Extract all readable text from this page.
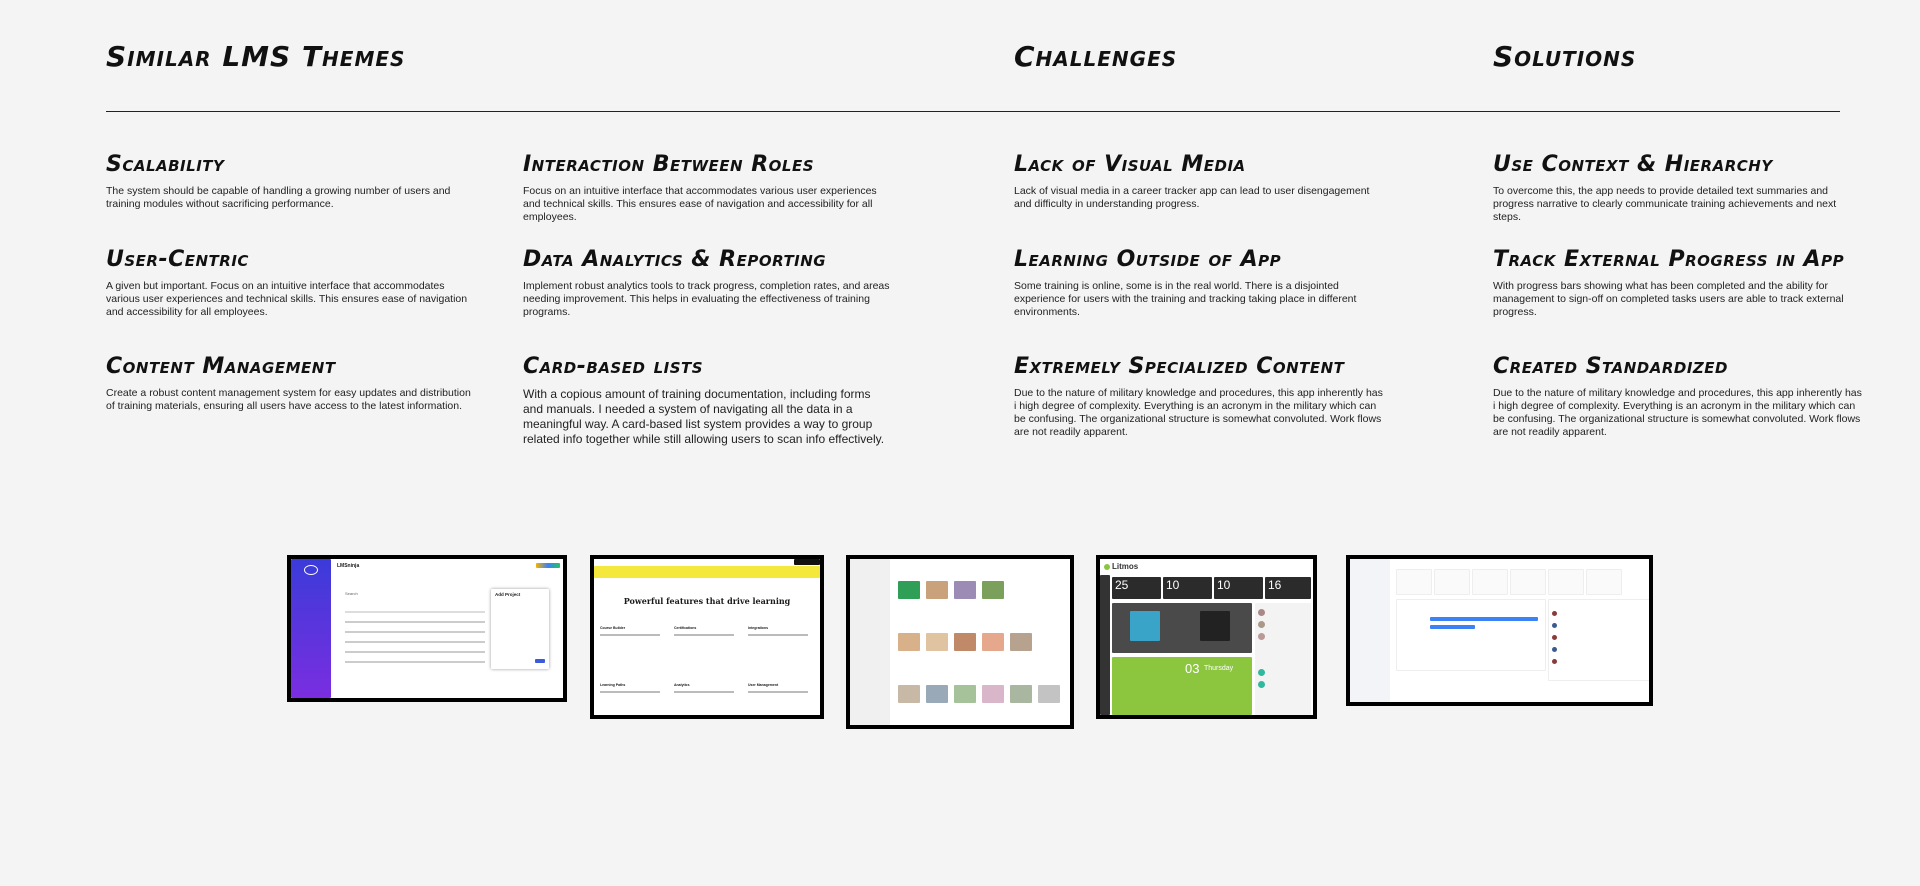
Similar LMS Themes	Challenges	Solutions
Scalability

The system should be capable of handling a growing number of users and training modules without sacrificing performance.

User-Centric

A given but important. Focus on an intuitive interface that accommodates various user experiences and technical skills. This ensures ease of navigation and accessibility for all employees.

Content Management

Create a robust content management system for easy updates and distribution of training materials, ensuring all users have access to the latest information.

Interaction Between Roles

Focus on an intuitive interface that accommodates various user experiences and technical skills. This ensures ease of navigation and accessibility for all employees.

Data Analytics & Reporting

Implement robust analytics tools to track progress, completion rates, and areas needing improvement. This helps in evaluating the effectiveness of training programs.

Card-based lists

With a copious amount of training documentation, including forms and manuals. I needed a system of navigating all the data in a meaningful way. A card-based list system provides a way to group related info together while still allowing users to scan info effectively.

Lack of Visual Media

Lack of visual media in a career tracker app can lead to user disengagement and difficulty in understanding progress.

Learning Outside of App

Some training is online, some is in the real world. There is a disjointed experience for users with the training and tracking taking place in different environments.

Extremely Specialized Content

Due to the nature of military knowledge and procedures, this app inherently has i high degree of complexity. Everything is an acronym in the military which can be confusing. The organizational structure is somewhat convoluted. Work flows are not readily apparent.

Use Context & Hierarchy

To overcome this, the app needs to provide detailed text summaries and progress narrative to clearly communicate training achievements and next steps.

Track External Progress in App

With progress bars showing what has been completed and the ability for management to sign-off on completed tasks users are able to track external progress.

Created Standardized

Due to the nature of military knowledge and procedures, this app inherently has i high degree of complexity. Everything is an acronym in the military which can be confusing. The organizational structure is somewhat convoluted. Work flows are not readily apparent.

LMSninja
Search	Add Project
Powerful features that drive learning
Course Builder	Certifications	Integrations
Learning Paths	Analytics	User Management
Litmos
25	10	10	16
03 Thursday
